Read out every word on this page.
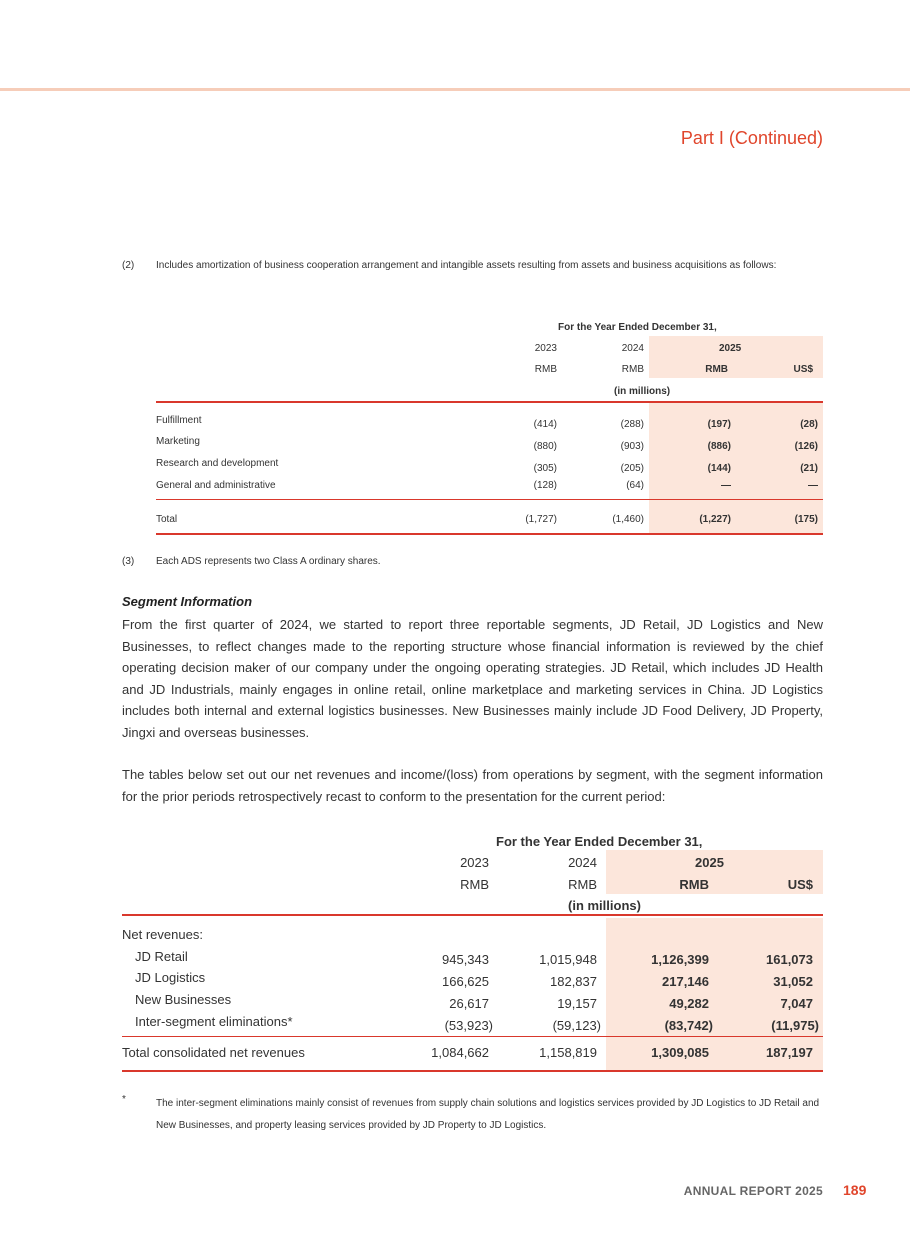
Part I (Continued)
(2) Includes amortization of business cooperation arrangement and intangible assets resulting from assets and business acquisitions as follows:
For the Year Ended December 31,
2023	2024	2025
RMB	RMB	RMB	US$
(in millions)
Fulfillment	(414)	(288)	(197)	(28)
Marketing	(880)	(903)	(886)	(126)
Research and development	(305)	(205)	(144)	(21)
General and administrative	(128)	(64)	—	—
Total	(1,727)	(1,460)	(1,227)	(175)
(3) Each ADS represents two Class A ordinary shares.
Segment Information
From the first quarter of 2024, we started to report three reportable segments, JD Retail, JD Logistics and New Businesses, to reflect changes made to the reporting structure whose financial information is reviewed by the chief operating decision maker of our company under the ongoing operating strategies. JD Retail, which includes JD Health and JD Industrials, mainly engages in online retail, online marketplace and marketing services in China. JD Logistics includes both internal and external logistics businesses. New Businesses mainly include JD Food Delivery, JD Property, Jingxi and overseas businesses.
The tables below set out our net revenues and income/(loss) from operations by segment, with the segment information for the prior periods retrospectively recast to conform to the presentation for the current period:
For the Year Ended December 31,
2023	2024	2025
RMB	RMB	RMB	US$
(in millions)
Net revenues:
JD Retail	945,343	1,015,948	1,126,399	161,073
JD Logistics	166,625	182,837	217,146	31,052
New Businesses	26,617	19,157	49,282	7,047
Inter-segment eliminations*	(53,923)	(59,123)	(83,742)	(11,975)
Total consolidated net revenues	1,084,662	1,158,819	1,309,085	187,197
*	The inter-segment eliminations mainly consist of revenues from supply chain solutions and logistics services provided by JD Logistics to JD Retail and New Businesses, and property leasing services provided by JD Property to JD Logistics.
ANNUAL REPORT 2025 189
